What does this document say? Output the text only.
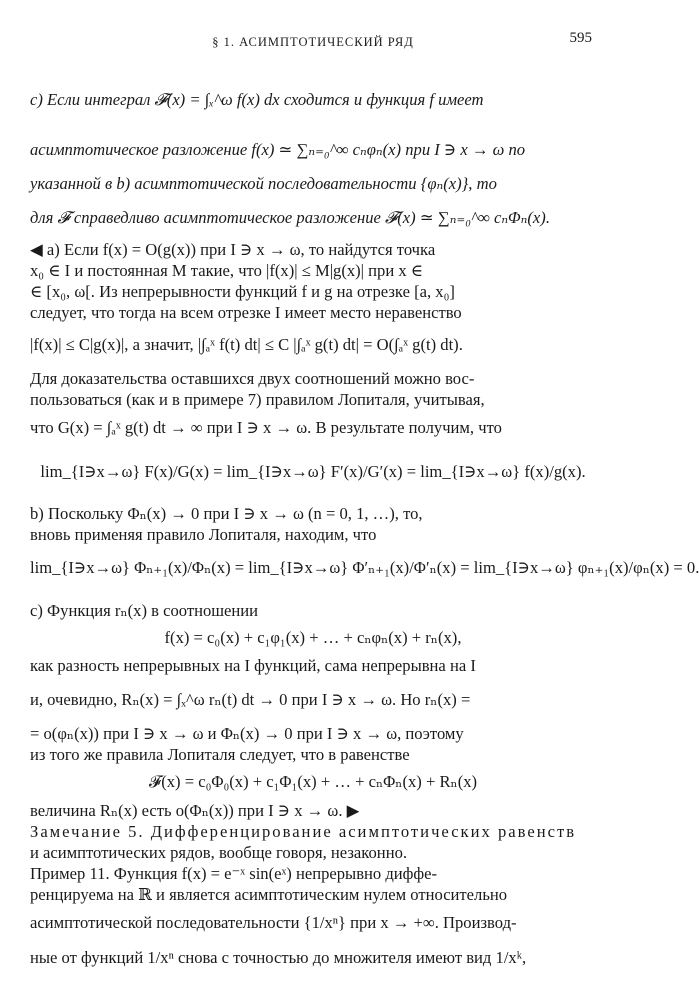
§ 1. АСИМПТОТИЧЕСКИЙ РЯД	595
c) Если интеграл 𝓕(x) = ∫ₓ^ω f(x) dx сходится и функция f имеет
асимптотическое разложение f(x) ≃ ∑ₙ₌₀^∞ cₙφₙ(x) при I ∋ x → ω по
указанной в b) асимптотической последовательности {φₙ(x)}, то
для 𝓕 справедливо асимптотическое разложение 𝓕(x) ≃ ∑ₙ₌₀^∞ cₙΦₙ(x).
◀ a) Если f(x) = O(g(x)) при I ∋ x → ω, то найдутся точка
x₀ ∈ I и постоянная M такие, что |f(x)| ≤ M|g(x)| при x ∈
∈ [x₀, ω[. Из непрерывности функций f и g на отрезке [a, x₀]
следует, что тогда на всем отрезке I имеет место неравенство
|f(x)| ≤ C|g(x)|, а значит, |∫ₐˣ f(t) dt| ≤ C |∫ₐˣ g(t) dt| = O(∫ₐˣ g(t) dt).
Для доказательства оставшихся двух соотношений можно вос-
пользоваться (как и в примере 7) правилом Лопиталя, учитывая,
что G(x) = ∫ₐˣ g(t) dt → ∞ при I ∋ x → ω. В результате получим, что
lim_{I∋x→ω} F(x)/G(x) = lim_{I∋x→ω} F′(x)/G′(x) = lim_{I∋x→ω} f(x)/g(x).
b) Поскольку Φₙ(x) → 0 при I ∋ x → ω (n = 0, 1, …), то,
вновь применяя правило Лопиталя, находим, что
lim_{I∋x→ω} Φₙ₊₁(x)/Φₙ(x) = lim_{I∋x→ω} Φ′ₙ₊₁(x)/Φ′ₙ(x) = lim_{I∋x→ω} φₙ₊₁(x)/φₙ(x) = 0.
c) Функция rₙ(x) в соотношении
f(x) = c₀(x) + c₁φ₁(x) + … + cₙφₙ(x) + rₙ(x),
как разность непрерывных на I функций, сама непрерывна на I
и, очевидно, Rₙ(x) = ∫ₓ^ω rₙ(t) dt → 0 при I ∋ x → ω. Но rₙ(x) =
= o(φₙ(x)) при I ∋ x → ω и Φₙ(x) → 0 при I ∋ x → ω, поэтому
из того же правила Лопиталя следует, что в равенстве
𝓕(x) = c₀Φ₀(x) + c₁Φ₁(x) + … + cₙΦₙ(x) + Rₙ(x)
величина Rₙ(x) есть o(Φₙ(x)) при I ∋ x → ω. ▶
Замечание 5. Дифференцирование асимптотических равенств
и асимптотических рядов, вообще говоря, незаконно.
Пример 11. Функция f(x) = e⁻ˣ sin(eˣ) непрерывно диффе-
ренцируема на ℝ и является асимптотическим нулем относительно
асимптотической последовательности {1/xⁿ} при x → +∞. Производ-
ные от функций 1/xⁿ снова с точностью до множителя имеют вид 1/xᵏ,
